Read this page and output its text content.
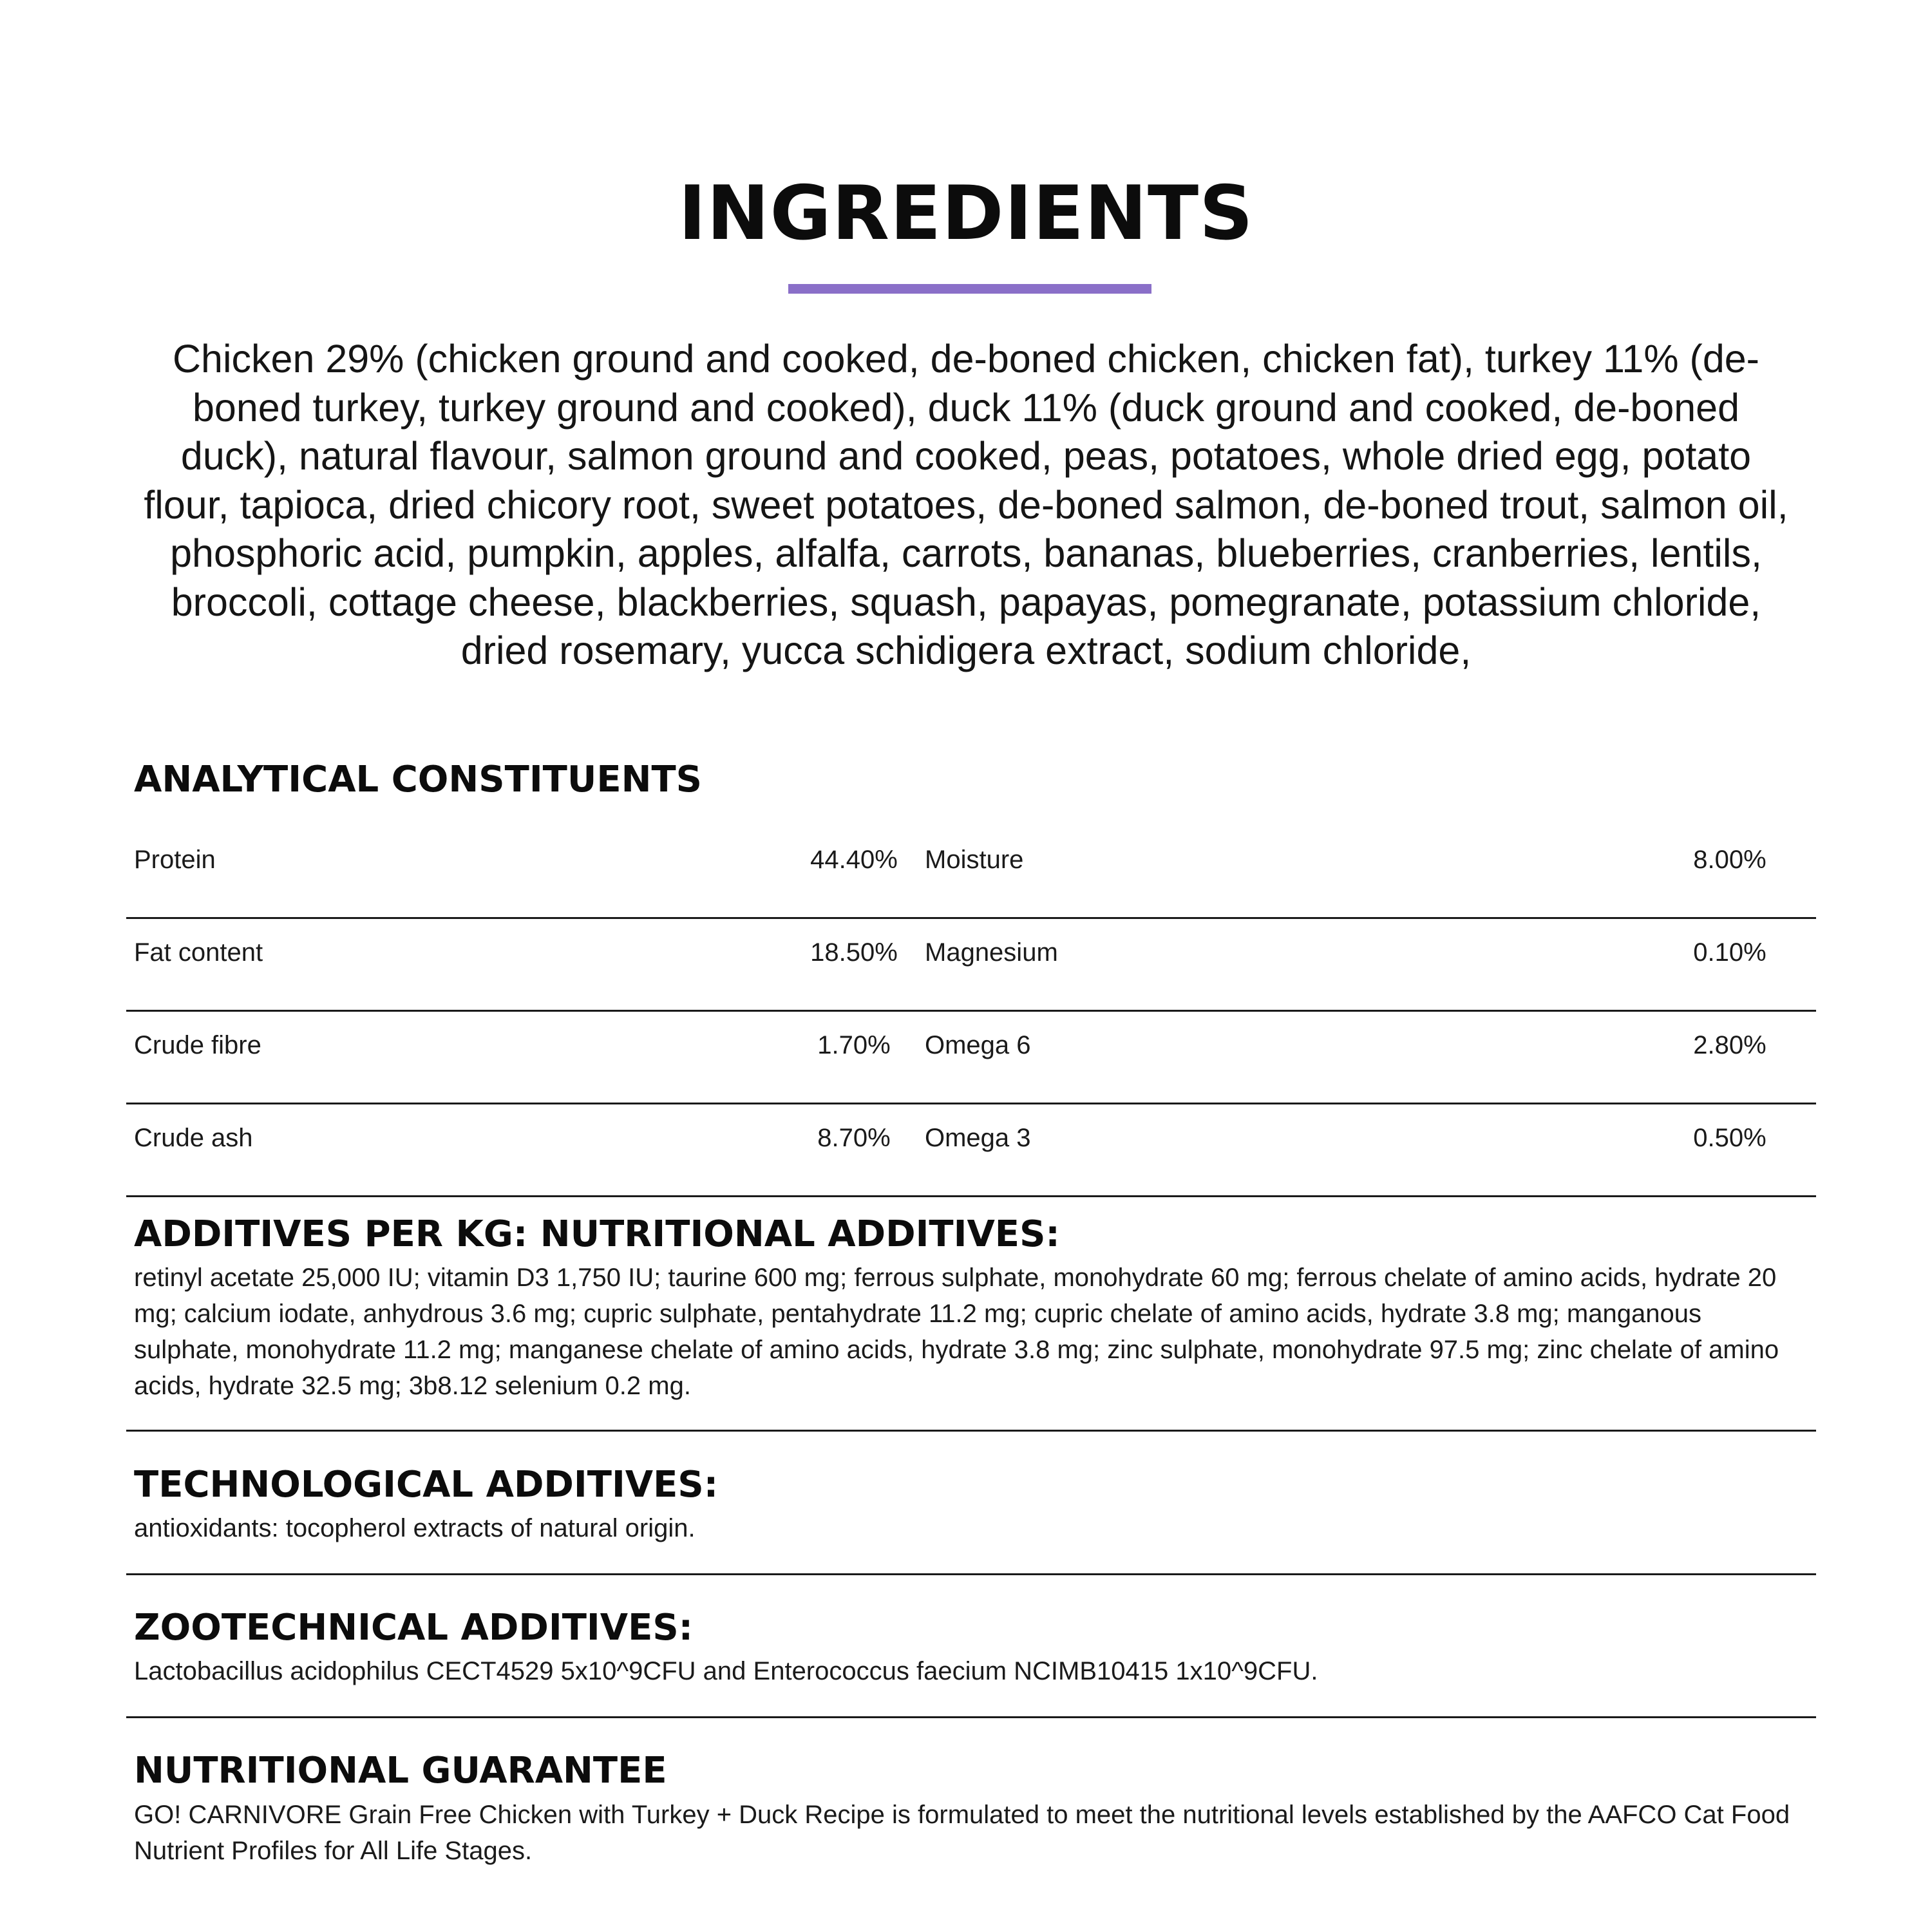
INGREDIENTS

Chicken 29% (chicken ground and cooked, de-boned chicken, chicken fat), turkey 11% (de-boned turkey, turkey ground and cooked), duck 11% (duck ground and cooked, de-boned duck), natural flavour, salmon ground and cooked, peas, potatoes, whole dried egg, potato flour, tapioca, dried chicory root, sweet potatoes, de-boned salmon, de-boned trout, salmon oil, phosphoric acid, pumpkin, apples, alfalfa, carrots, bananas, blueberries, cranberries, lentils, broccoli, cottage cheese, blackberries, squash, papayas, pomegranate, potassium chloride, dried rosemary, yucca schidigera extract, sodium chloride,

ANALYTICAL CONSTITUENTS
Protein	44.40%	Moisture	8.00%
Fat content	18.50%	Magnesium	0.10%
Crude fibre	1.70%	Omega 6	2.80%
Crude ash	8.70%	Omega 3	0.50%
ADDITIVES PER KG: NUTRITIONAL ADDITIVES:

retinyl acetate 25,000 IU; vitamin D3 1,750 IU; taurine 600 mg; ferrous sulphate, monohydrate 60 mg; ferrous chelate of amino acids, hydrate 20 mg; calcium iodate, anhydrous 3.6 mg; cupric sulphate, pentahydrate 11.2 mg; cupric chelate of amino acids, hydrate 3.8 mg; manganous sulphate, monohydrate 11.2 mg; manganese chelate of amino acids, hydrate 3.8 mg; zinc sulphate, monohydrate 97.5 mg; zinc chelate of amino acids, hydrate 32.5 mg; 3b8.12 selenium 0.2 mg.

TECHNOLOGICAL ADDITIVES:

antioxidants: tocopherol extracts of natural origin.

ZOOTECHNICAL ADDITIVES:

Lactobacillus acidophilus CECT4529 5x10^9CFU and Enterococcus faecium NCIMB10415 1x10^9CFU.

NUTRITIONAL GUARANTEE

GO! CARNIVORE Grain Free Chicken with Turkey + Duck Recipe is formulated to meet the nutritional levels established by the AAFCO Cat Food Nutrient Profiles for All Life Stages.
